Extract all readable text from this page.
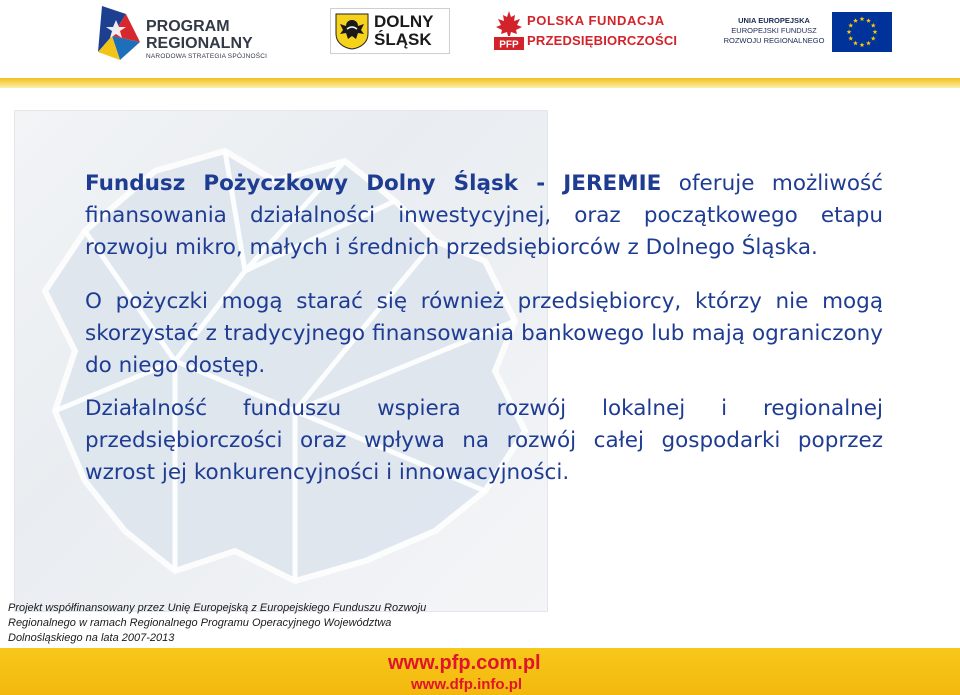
PROGRAM
REGIONALNY
NARODOWA STRATEGIA SPÓJNOŚCI
DOLNY
ŚLĄSK	PFP
POLSKA FUNDACJA
PRZEDSIĘBIORCZOŚCI
UNIA EUROPEJSKA
EUROPEJSKI FUNDUSZ
ROZWOJU REGIONALNEGO

Fundusz Pożyczkowy Dolny Śląsk - JEREMIE oferuje możliwość finansowania działalności inwestycyjnej, oraz początkowego etapu rozwoju mikro, małych i średnich przedsiębiorców z Dolnego Śląska.

O pożyczki mogą starać się również przedsiębiorcy, którzy nie mogą skorzystać z tradycyjnego finansowania bankowego lub mają ograniczony do niego dostęp.

Działalność funduszu wspiera rozwój lokalnej i regionalnej przedsiębiorczości oraz wpływa na rozwój całej gospodarki poprzez wzrost jej konkurencyjności i innowacyjności.

Projekt współfinansowany przez Unię Europejską z Europejskiego Funduszu Rozwoju
Regionalnego w ramach Regionalnego Programu Operacyjnego Województwa
Dolnośląskiego na lata 2007-2013
www.pfp.com.pl
www.dfp.info.pl
